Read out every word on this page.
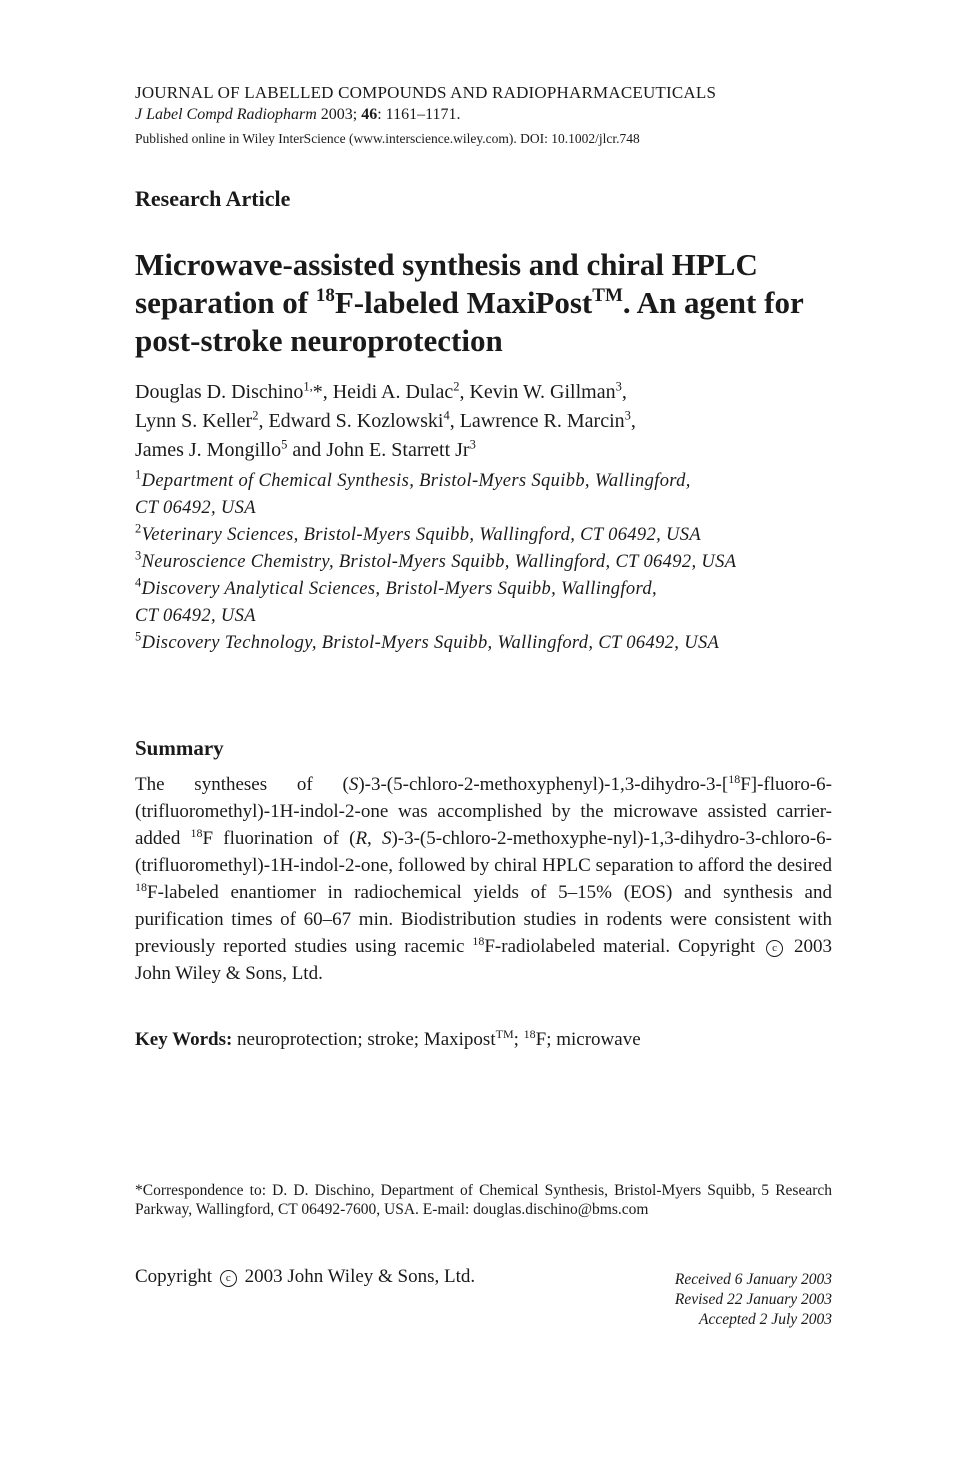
JOURNAL OF LABELLED COMPOUNDS AND RADIOPHARMACEUTICALS
J Label Compd Radiopharm 2003; 46: 1161–1171.
Published online in Wiley InterScience (www.interscience.wiley.com). DOI: 10.1002/jlcr.748
Research Article
Microwave-assisted synthesis and chiral HPLC separation of $^{18}$F-labeled MaxiPost™. An agent for post-stroke neuroprotection
Douglas D. Dischino$^{1,}$*, Heidi A. Dulac$^2$, Kevin W. Gillman$^3$,
Lynn S. Keller$^2$, Edward S. Kozlowski$^4$, Lawrence R. Marcin$^3$,
James J. Mongillo$^5$ and John E. Starrett Jr$^3$
$^1$Department of Chemical Synthesis, Bristol-Myers Squibb, Wallingford,
CT 06492, USA
$^2$Veterinary Sciences, Bristol-Myers Squibb, Wallingford, CT 06492, USA
$^3$Neuroscience Chemistry, Bristol-Myers Squibb, Wallingford, CT 06492, USA
$^4$Discovery Analytical Sciences, Bristol-Myers Squibb, Wallingford,
CT 06492, USA
$^5$Discovery Technology, Bristol-Myers Squibb, Wallingford, CT 06492, USA
Summary
The syntheses of (S)-3-(5-chloro-2-methoxyphenyl)-1,3-dihydro-3-[$^{18}$F]-fluoro-6-(trifluoromethyl)-1H-indol-2-one was accomplished by the microwave assisted carrier-added $^{18}$F fluorination of (R, S)-3-(5-chloro-2-methoxyphe-nyl)-1,3-dihydro-3-chloro-6-(trifluoromethyl)-1H-indol-2-one, followed by chiral HPLC separation to afford the desired $^{18}$F-labeled enantiomer in radiochemical yields of 5–15% (EOS) and synthesis and purification times of 60–67 min. Biodistribution studies in rodents were consistent with previously reported studies using racemic $^{18}$F-radiolabeled material. Copyright c 2003 John Wiley & Sons, Ltd.
Key Words: neuroprotection; stroke; Maxipost™; $^{18}$F; microwave
*Correspondence to: D. D. Dischino, Department of Chemical Synthesis, Bristol-Myers Squibb, 5 Research Parkway, Wallingford, CT 06492-7600, USA. E-mail: douglas.dischino@bms.com
Copyright c 2003 John Wiley & Sons, Ltd.	Received 6 January 2003
Revised 22 January 2003
Accepted 2 July 2003
